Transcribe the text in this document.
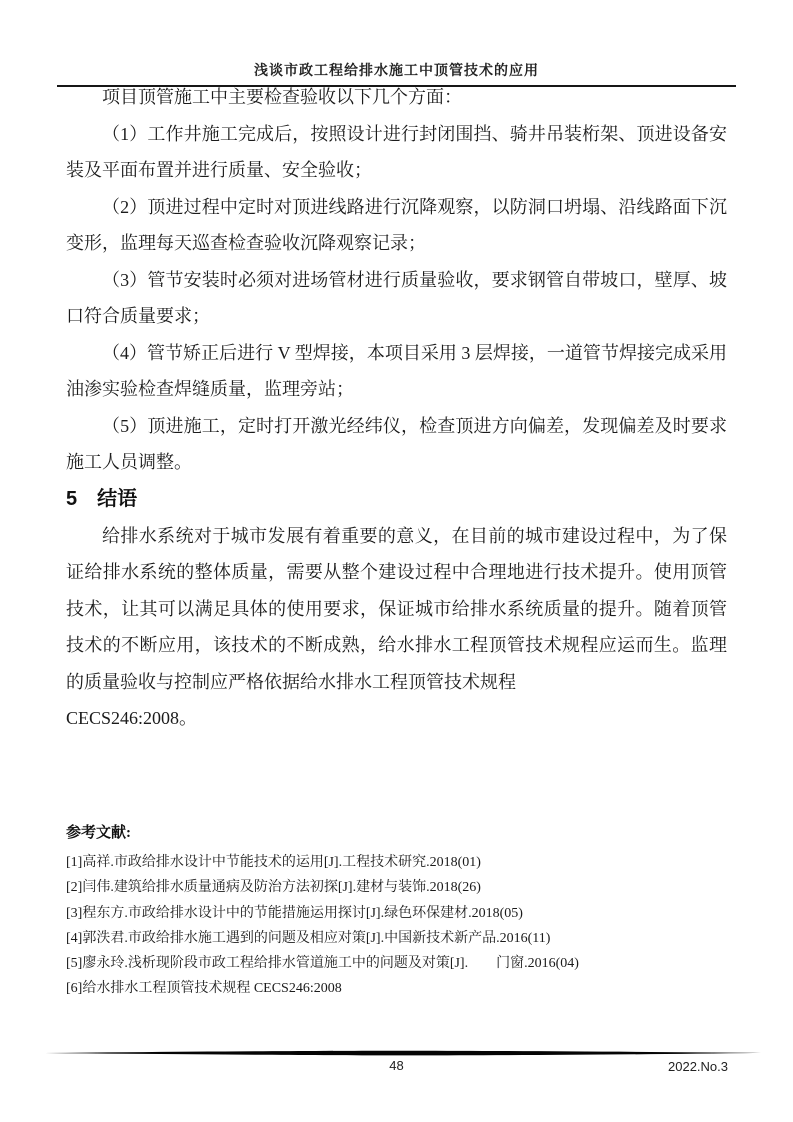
浅谈市政工程给排水施工中顶管技术的应用

项目顶管施工中主要检查验收以下几个方面：

（1）工作井施工完成后，按照设计进行封闭围挡、骑井吊装桁架、顶进设备安装及平面布置并进行质量、安全验收；

（2）顶进过程中定时对顶进线路进行沉降观察，以防洞口坍塌、沿线路面下沉变形，监理每天巡查检查验收沉降观察记录；

（3）管节安装时必须对进场管材进行质量验收，要求钢管自带坡口，壁厚、坡口符合质量要求；

（4）管节矫正后进行 V 型焊接，本项目采用 3 层焊接，一道管节焊接完成采用油渗实验检查焊缝质量，监理旁站；

（5）顶进施工，定时打开激光经纬仪，检查顶进方向偏差，发现偏差及时要求施工人员调整。

5 结语

给排水系统对于城市发展有着重要的意义，在目前的城市建设过程中，为了保证给排水系统的整体质量，需要从整个建设过程中合理地进行技术提升。使用顶管技术，让其可以满足具体的使用要求，保证城市给排水系统质量的提升。随着顶管技术的不断应用，该技术的不断成熟，给水排水工程顶管技术规程应运而生。监理的质量验收与控制应严格依据给水排水工程顶管技术规程

CECS246:2008。

参考文献:
[1]高祥.市政给排水设计中节能技术的运用[J].工程技术研究.2018(01)
[2]闫伟.建筑给排水质量通病及防治方法初探[J].建材与装饰.2018(26)
[3]程东方.市政给排水设计中的节能措施运用探讨[J].绿色环保建材.2018(05)
[4]郭泆君.市政给排水施工遇到的问题及相应对策[J].中国新技术新产品.2016(11)
[5]廖永玲.浅析现阶段市政工程给排水管道施工中的问题及对策[J].　　门窗.2016(04)
[6]给水排水工程顶管技术规程 CECS246:2008
48	2022.No.3
